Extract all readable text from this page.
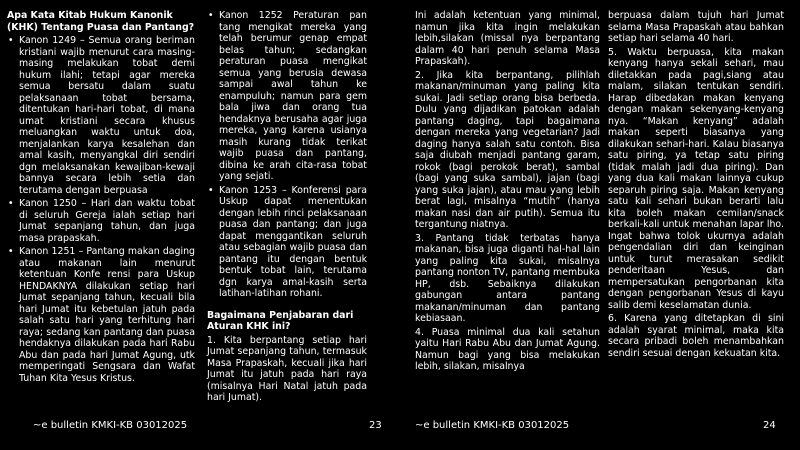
Apa Kata Kitab Hukum Kanonik (KHK) Tentang Puasa dan Pantang?

• Kanon 1249 – Semua orang beriman kristiani wajib menurut cara masing-masing melakukan tobat demi hukum ilahi; tetapi agar mereka semua bersatu dalam suatu pelaksanaan tobat bersama, ditentukan hari-hari tobat, di mana umat kristiani secara khusus meluangkan waktu untuk doa, menjalankan karya kesalehan dan amal kasih, menyangkal diri sendiri dgn melaksanakan kewajiban-kewaji bannya secara lebih setia dan terutama dengan berpuasa
• Kanon 1250 – Hari dan waktu tobat di seluruh Gereja ialah setiap hari Jumat sepanjang tahun, dan juga masa prapaskah.
• Kanon 1251 – Pantang makan daging atau makanan lain menurut ketentuan Konfe rensi para Uskup HENDAKNYA dilakukan setiap hari Jumat sepanjang tahun, kecuali bila hari Jumat itu kebetulan jatuh pada salah satu hari yang terhitung hari raya; sedang kan pantang dan puasa hendaknya dilakukan pada hari Rabu Abu dan pada hari Jumat Agung, utk memperingati Sengsara dan Wafat Tuhan Kita Yesus Kristus.
• Kanon 1252 Peraturan pan tang mengikat mereka yang telah berumur genap empat belas tahun; sedangkan peraturan puasa mengikat semua yang berusia dewasa sampai awal tahun ke enampuluh; namun para gem bala jiwa dan orang tua hendaknya berusaha agar juga mereka, yang karena usianya masih kurang tidak terikat wajib puasa dan pantang, dibina ke arah cita-rasa tobat yang sejati.
• Kanon 1253 – Konferensi para Uskup dapat menentukan dengan lebih rinci pelaksanaan puasa dan pantang; dan juga dapat menggantikan seluruh atau sebagian wajib puasa dan pantang itu dengan bentuk bentuk tobat lain, terutama dgn karya amal-kasih serta latihan-latihan rohani.

Bagaimana Penjabaran dari Aturan KHK ini?

1. Kita berpantang setiap hari Jumat sepanjang tahun, termasuk Masa Prapaskah, kecuali jika hari Jumat itu jatuh pada hari raya (misalnya Hari Natal jatuh pada hari Jumat).

~e bulletin KMKI-KB 03012025	23

Ini adalah ketentuan yang minimal, namun jika kita ingin melakukan lebih,silakan (missal nya berpantang dalam 40 hari penuh selama Masa Prapaskah).

2. Jika kita berpantang, pilihlah makanan/minuman yang paling kita sukai. Jadi setiap orang bisa berbeda. Dulu yang dijadikan patokan adalah pantang daging, tapi bagaimana dengan mereka yang vegetarian? Jadi daging hanya salah satu contoh. Bisa saja diubah menjadi pantang garam, rokok (bagi perokok berat), sambal (bagi yang suka sambal), jajan (bagi yang suka jajan), atau mau yang lebih berat lagi, misalnya “mutih” (hanya makan nasi dan air putih). Semua itu tergantung niatnya.

3. Pantang tidak terbatas hanya makanan, bisa juga diganti hal-hal lain yang paling kita sukai, misalnya pantang nonton TV, pantang membuka HP, dsb. Sebaiknya dilakukan gabungan antara pantang makanan/minuman dan pantang kebiasaan.

4. Puasa minimal dua kali setahun yaitu Hari Rabu Abu dan Jumat Agung. Namun bagi yang bisa melakukan lebih, silakan, misalnya

berpuasa dalam tujuh hari Jumat selama Masa Prapaskah atau bahkan setiap hari selama 40 hari.

5. Waktu berpuasa, kita makan kenyang hanya sekali sehari, mau diletakkan pada pagi,siang atau malam, silakan tentukan sendiri. Harap dibedakan makan kenyang dengan makan sekenyang-kenyang nya. “Makan kenyang” adalah makan seperti biasanya yang dilakukan sehari-hari. Kalau biasanya satu piring, ya tetap satu piring (tidak malah jadi dua piring). Dan yang dua kali makan lainnya cukup separuh piring saja. Makan kenyang satu kali sehari bukan berarti lalu kita boleh makan cemilan/snack berkali-kali untuk menahan lapar lho. Ingat bahwa tolok ukurnya adalah pengendalian diri dan keinginan untuk turut merasakan sedikit penderitaan Yesus, dan mempersatukan pengorbanan kita dengan pengorbanan Yesus di kayu salib demi keselamatan dunia.

6. Karena yang ditetapkan di sini adalah syarat minimal, maka kita secara pribadi boleh menambahkan sendiri sesuai dengan kekuatan kita.

~e bulletin KMKI-KB 03012025	24
